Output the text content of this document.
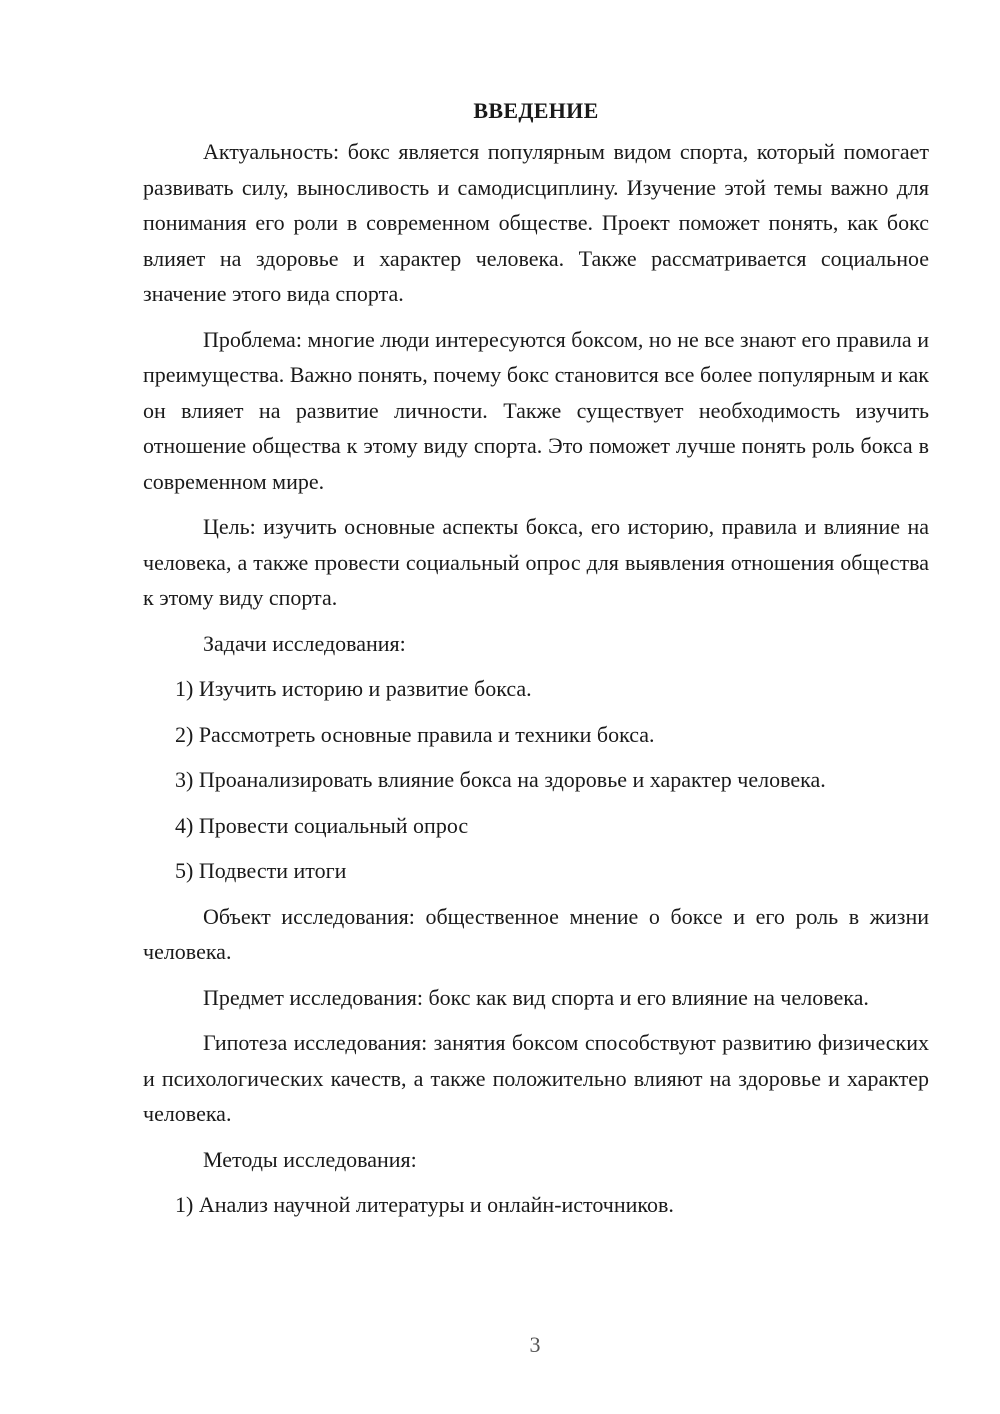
ВВЕДЕНИЕ

Актуальность: бокс является популярным видом спорта, который помогает развивать силу, выносливость и самодисциплину. Изучение этой темы важно для понимания его роли в современном обществе. Проект поможет понять, как бокс влияет на здоровье и характер человека. Также рассматривается социальное значение этого вида спорта.

Проблема: многие люди интересуются боксом, но не все знают его правила и преимущества. Важно понять, почему бокс становится все более популярным и как он влияет на развитие личности. Также существует необходимость изучить отношение общества к этому виду спорта. Это поможет лучше понять роль бокса в современном мире.

Цель: изучить основные аспекты бокса, его историю, правила и влияние на человека, а также провести социальный опрос для выявления отношения общества к этому виду спорта.

Задачи исследования:

1) Изучить историю и развитие бокса.

2) Рассмотреть основные правила и техники бокса.

3) Проанализировать влияние бокса на здоровье и характер человека.

4) Провести социальный опрос

5) Подвести итоги

Объект исследования: общественное мнение о боксе и его роль в жизни человека.

Предмет исследования: бокс как вид спорта и его влияние на человека.

Гипотеза исследования: занятия боксом способствуют развитию физических и психологических качеств, а также положительно влияют на здоровье и характер человека.

Методы исследования:

1) Анализ научной литературы и онлайн-источников.

3
